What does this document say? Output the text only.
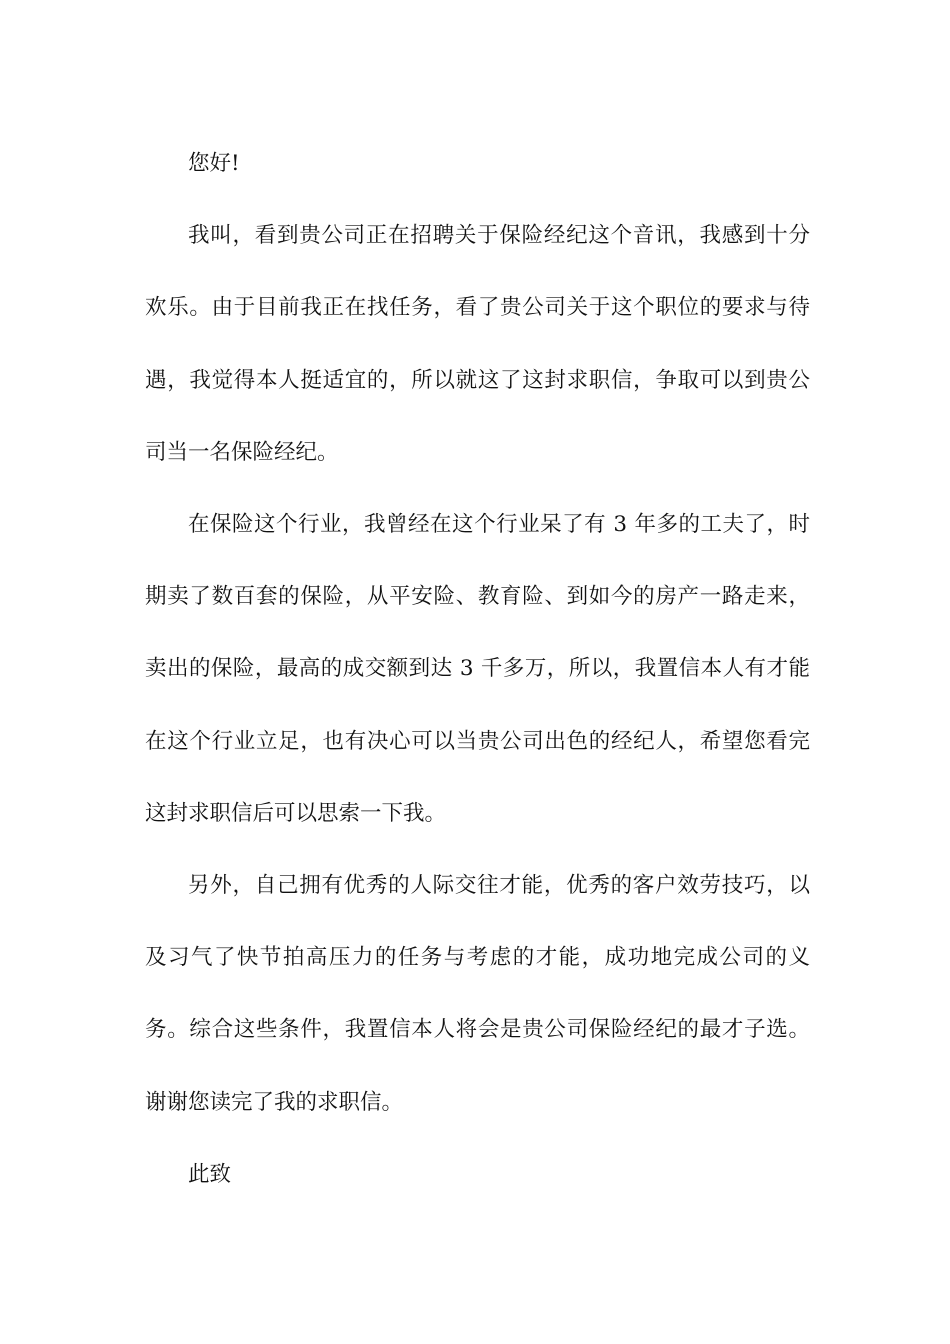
您好!

我叫，看到贵公司正在招聘关于保险经纪这个音讯，我感到十分欢乐。由于目前我正在找任务，看了贵公司关于这个职位的要求与待遇，我觉得本人挺适宜的，所以就这了这封求职信，争取可以到贵公司当一名保险经纪。

在保险这个行业，我曾经在这个行业呆了有 3 年多的工夫了，时期卖了数百套的保险，从平安险、教育险、到如今的房产一路走来，卖出的保险，最高的成交额到达 3 千多万，所以，我置信本人有才能在这个行业立足，也有决心可以当贵公司出色的经纪人，希望您看完这封求职信后可以思索一下我。

另外，自己拥有优秀的人际交往才能，优秀的客户效劳技巧，以及习气了快节拍高压力的任务与考虑的才能，成功地完成公司的义务。综合这些条件，我置信本人将会是贵公司保险经纪的最才子选。谢谢您读完了我的求职信。

此致
